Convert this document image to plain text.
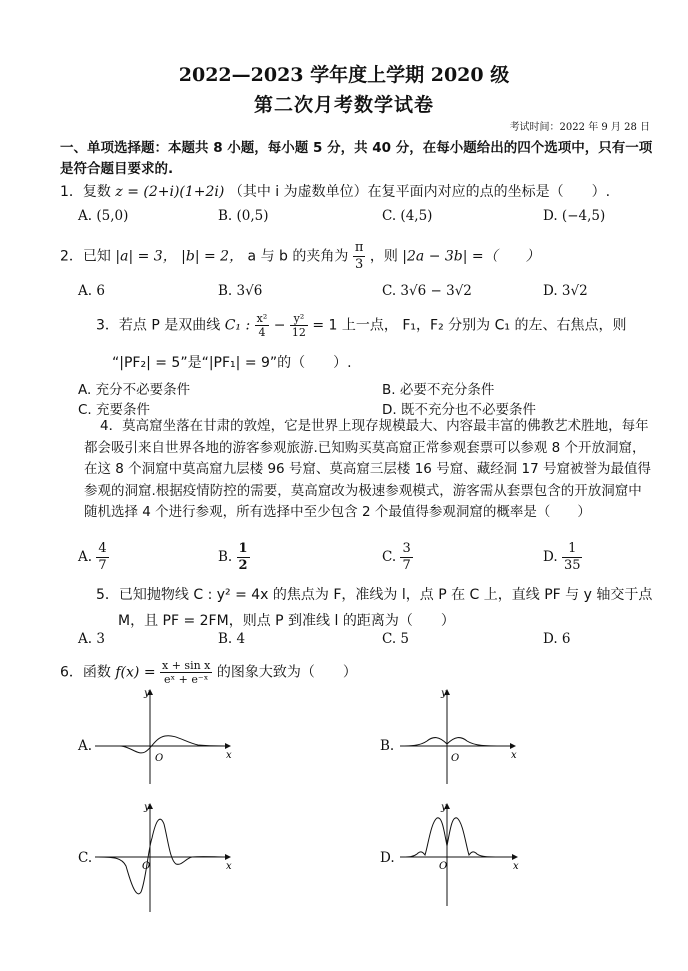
2022—2023 学年度上学期 2020 级
第二次月考数学试卷
考试时间：2022 年 9 月 28 日
一、单项选择题：本题共 8 小题，每小题 5 分，共 40 分，在每小题给出的四个选项中，只有一项
是符合题目要求的.
1．复数 z = (2+i)(1+2i) （其中 i 为虚数单位）在复平面内对应的点的坐标是（　　）.
A. (5,0)	B. (0,5)	C. (4,5)	D. (−4,5)
2．已知 |a| = 3， |b| = 2， a 与 b 的夹角为 $\frac{\pi}{3}$ ，则 |2a − 3b| =（　　）
A. 6	B. 3√6	C. 3√6 − 3√2	D. 3√2
3．若点 P 是双曲线 C₁ : $\frac{\text{x²}}{4} - \frac{\text{y²}}{12} = 1$ 上一点， F₁，F₂ 分别为 C₁ 的左、右焦点，则
“|PF₂| = 5”是“|PF₁| = 9”的（　　）.
A. 充分不必要条件	B. 必要不充分条件
C. 充要条件	D. 既不充分也不必要条件
4．莫高窟坐落在甘肃的敦煌，它是世界上现存规模最大、内容最丰富的佛教艺术胜地，每年都会吸引来自世界各地的游客参观旅游.已知购买莫高窟正常参观套票可以参观 8 个开放洞窟，在这 8 个洞窟中莫高窟九层楼 96 号窟、莫高窟三层楼 16 号窟、藏经洞 17 号窟被誉为最值得参观的洞窟.根据疫情防控的需要，莫高窟改为极速参观模式，游客需从套票包含的开放洞窟中随机选择 4 个进行参观，所有选择中至少包含 2 个最值得参观洞窟的概率是（　　）
A. $\frac{4}{7}$	B. $\frac{1}{2}$	C. $\frac{3}{7}$	D. $\frac{1}{35}$
5．已知抛物线 C : y² = 4x 的焦点为 F，准线为 l，点 P 在 C 上，直线 PF 与 y 轴交于点
M，且 PF = 2FM，则点 P 到准线 l 的距离为（　　）
A. 3	B. 4	C. 5	D. 6
6．函数 $f(x) = \frac{\text{x + sin x}}{\text{eˣ + e⁻ˣ}}$ 的图象大致为（　　）
A.	B.
C.	D.
y
x
O
y
x
O
y
x
O
y
x
O
